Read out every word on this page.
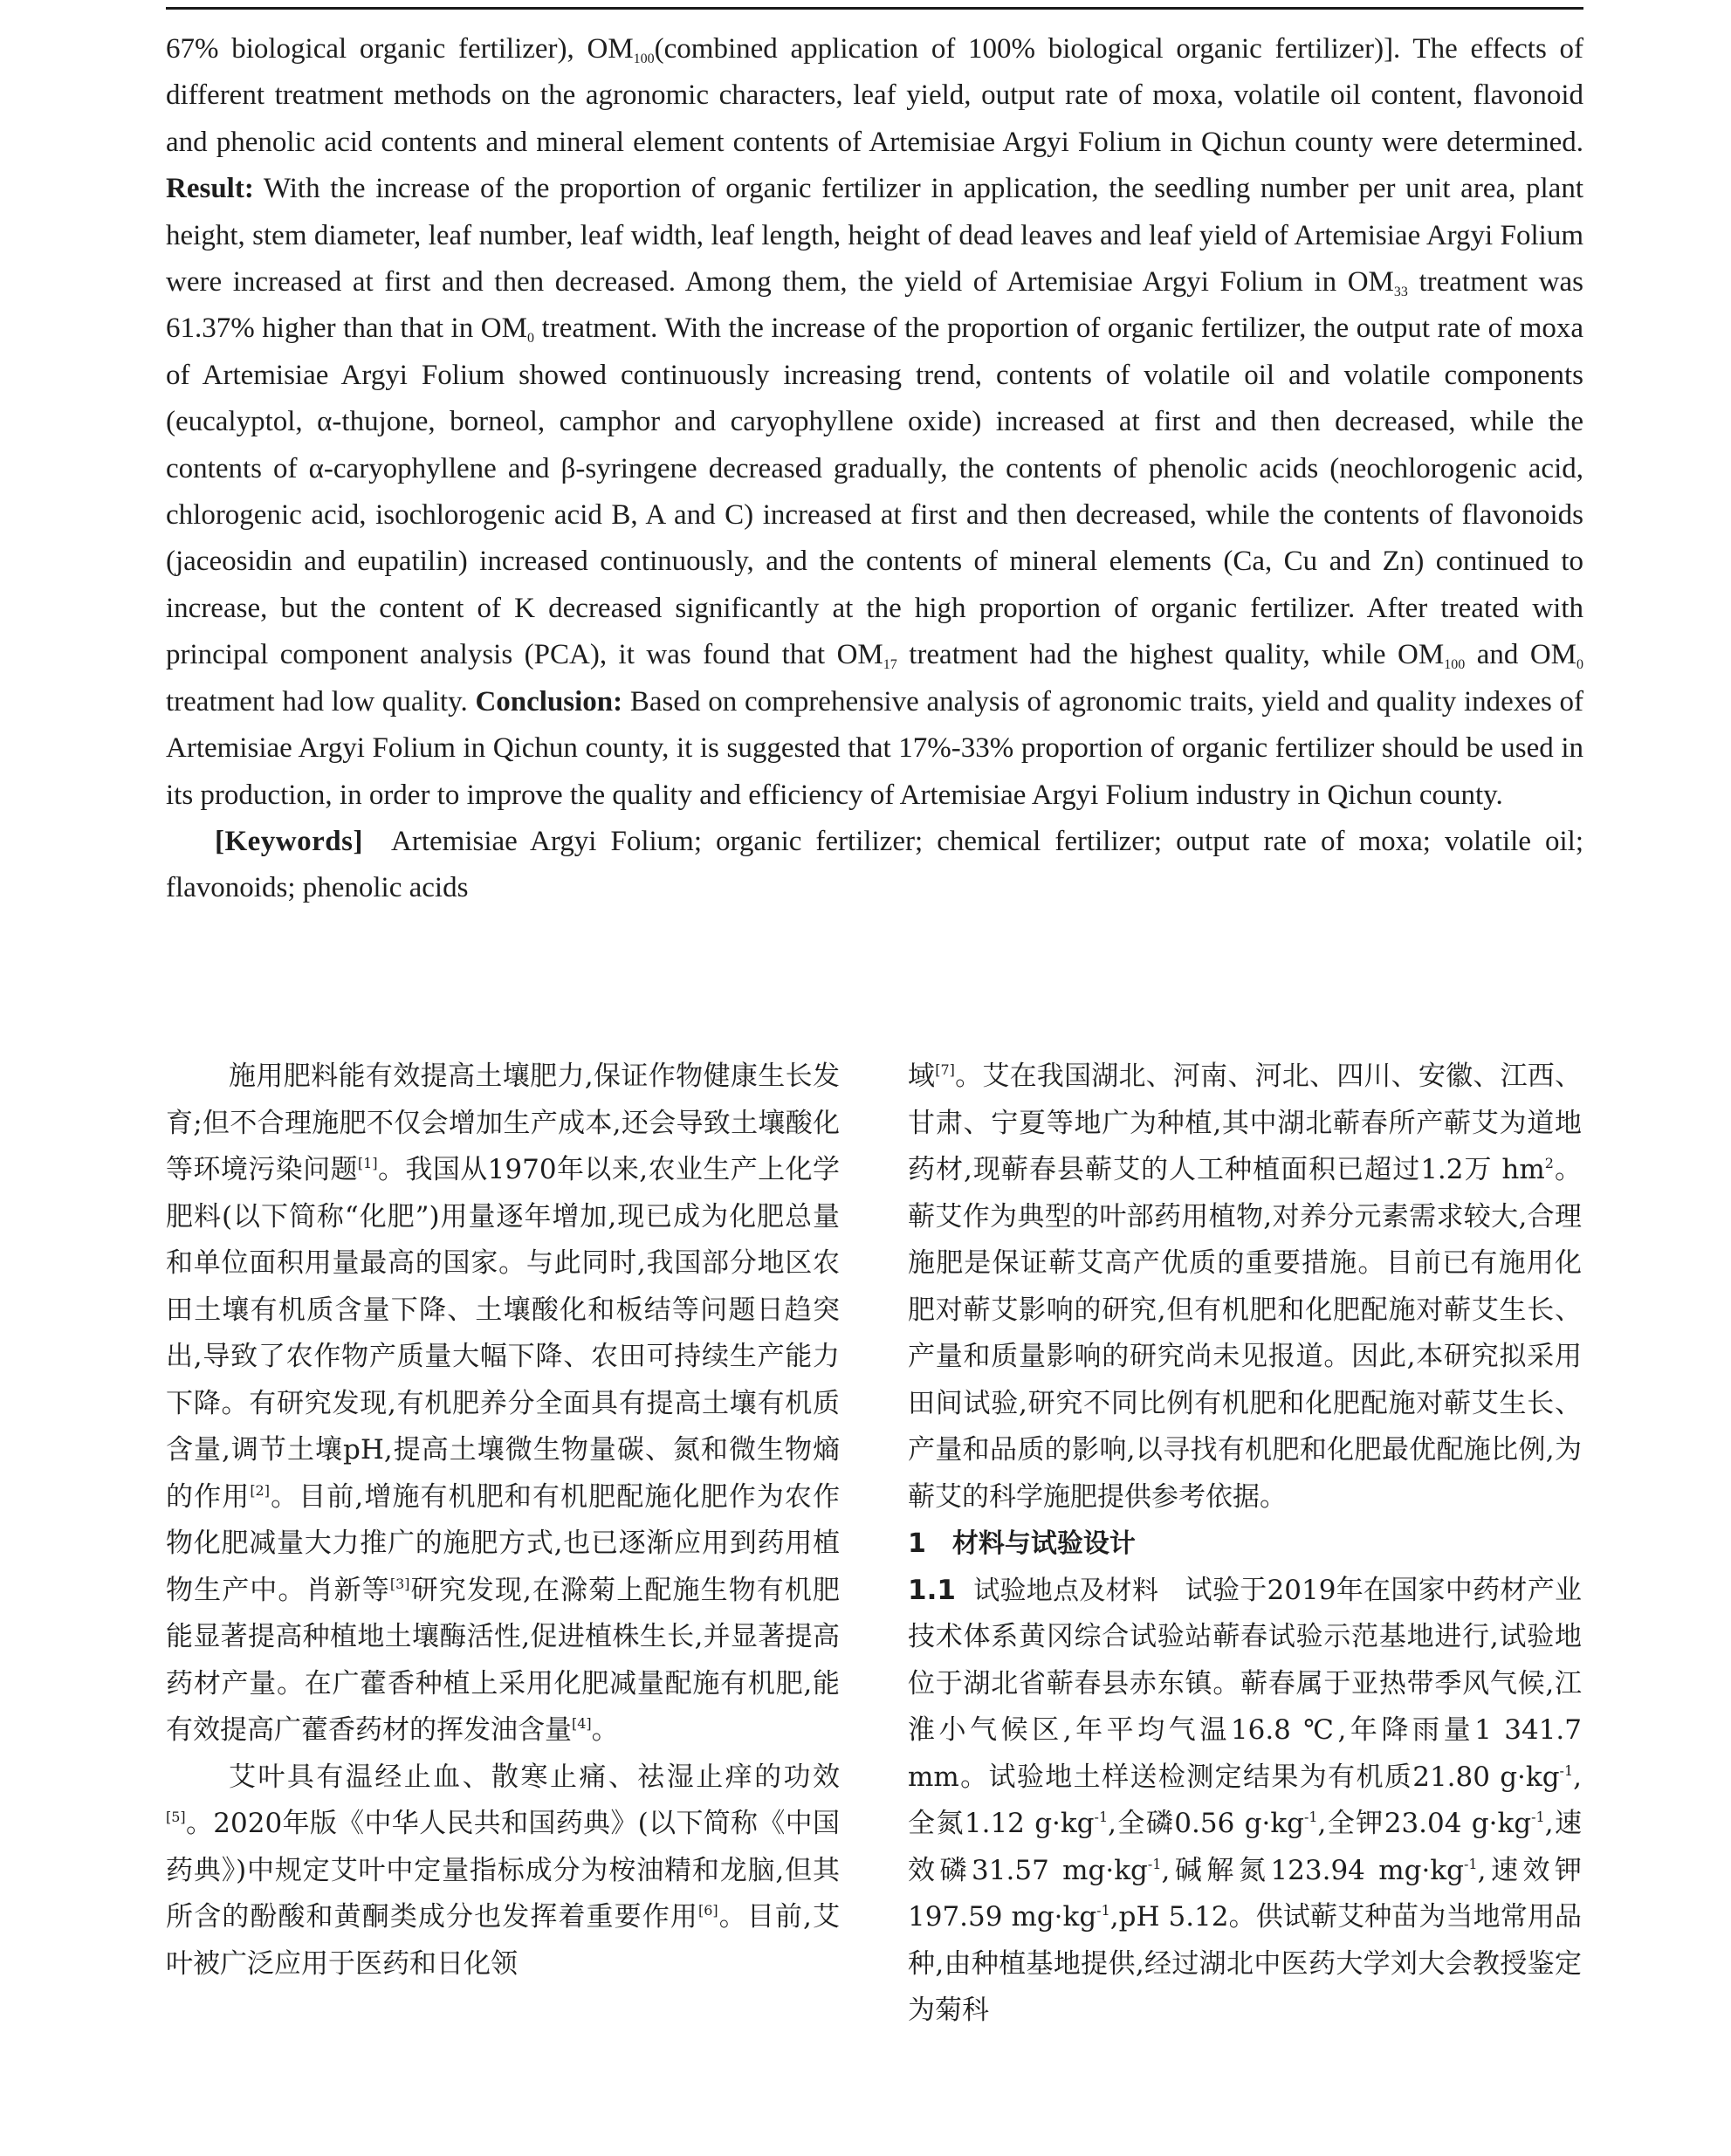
67% biological organic fertilizer), $OM_{100}(combined$ application of 100% biological organic fertilizer)]. The effects of different treatment methods on the agronomic characters, leaf yield, output rate of moxa, volatile oil content, flavonoid and phenolic acid contents and mineral element contents of Artemisiae Argyi Folium in Qichun county were determined. Result: With the increase of the proportion of organic fertilizer in application, the seedling number per unit area, plant height, stem diameter, leaf number, leaf width, leaf length, height of dead leaves and leaf yield of Artemisiae Argyi Folium were increased at first and then decreased. Among them, the yield of Artemisiae Argyi Folium in $OM_{33}$ treatment was 61.37% higher than that in $OM_0$ treatment. With the increase of the proportion of organic fertilizer, the output rate of moxa of Artemisiae Argyi Folium showed continuously increasing trend, contents of volatile oil and volatile components (eucalyptol, α-thujone, borneol, camphor and caryophyllene oxide) increased at first and then decreased, while the contents of α-caryophyllene and β-syringene decreased gradually, the contents of phenolic acids (neochlorogenic acid, chlorogenic acid, isochlorogenic acid B, A and C) increased at first and then decreased, while the contents of flavonoids (jaceosidin and eupatilin) increased continuously, and the contents of mineral elements (Ca, Cu and Zn) continued to increase, but the content of K decreased significantly at the high proportion of organic fertilizer. After treated with principal component analysis (PCA), it was found that $OM_{17}$ treatment had the highest quality, while $OM_{100}$ and $OM_0$ treatment had low quality. Conclusion: Based on comprehensive analysis of agronomic traits, yield and quality indexes of Artemisiae Argyi Folium in Qichun county, it is suggested that 17%-33% proportion of organic fertilizer should be used in its production, in order to improve the quality and efficiency of Artemisiae Argyi Folium industry in Qichun county.

[Keywords] Artemisiae Argyi Folium; organic fertilizer; chemical fertilizer; output rate of moxa; volatile oil; flavonoids; phenolic acids

施用肥料能有效提高土壤肥力,保证作物健康生长发育;但不合理施肥不仅会增加生产成本,还会导致土壤酸化等环境污染问题[1]。我国从1970年以来,农业生产上化学肥料(以下简称“化肥”)用量逐年增加,现已成为化肥总量和单位面积用量最高的国家。与此同时,我国部分地区农田土壤有机质含量下降、土壤酸化和板结等问题日趋突出,导致了农作物产质量大幅下降、农田可持续生产能力下降。有研究发现,有机肥养分全面具有提高土壤有机质含量,调节土壤pH,提高土壤微生物量碳、氮和微生物熵的作用[2]。目前,增施有机肥和有机肥配施化肥作为农作物化肥减量大力推广的施肥方式,也已逐渐应用到药用植物生产中。肖新等[3]研究发现,在滁菊上配施生物有机肥能显著提高种植地土壤酶活性,促进植株生长,并显著提高药材产量。在广藿香种植上采用化肥减量配施有机肥,能有效提高广藿香药材的挥发油含量[4]。

艾叶具有温经止血、散寒止痛、祛湿止痒的功效[5]。2020年版《中华人民共和国药典》(以下简称《中国药典》)中规定艾叶中定量指标成分为桉油精和龙脑,但其所含的酚酸和黄酮类成分也发挥着重要作用[6]。目前,艾叶被广泛应用于医药和日化领

域[7]。艾在我国湖北、河南、河北、四川、安徽、江西、甘肃、宁夏等地广为种植,其中湖北蕲春所产蕲艾为道地药材,现蕲春县蕲艾的人工种植面积已超过1.2万 $hm^2$。蕲艾作为典型的叶部药用植物,对养分元素需求较大,合理施肥是保证蕲艾高产优质的重要措施。目前已有施用化肥对蕲艾影响的研究,但有机肥和化肥配施对蕲艾生长、产量和质量影响的研究尚未见报道。因此,本研究拟采用田间试验,研究不同比例有机肥和化肥配施对蕲艾生长、产量和品质的影响,以寻找有机肥和化肥最优配施比例,为蕲艾的科学施肥提供参考依据。

1　材料与试验设计

1.1 试验地点及材料 试验于2019年在国家中药材产业技术体系黄冈综合试验站蕲春试验示范基地进行,试验地位于湖北省蕲春县赤东镇。蕲春属于亚热带季风气候,江淮小气候区,年平均气温16.8 ℃,年降雨量1 341.7 mm。试验地土样送检测定结果为有机质21.80 $g\cdot kg^{-1}$,全氮1.12 $g\cdot kg^{-1}$,全磷0.56 $g\cdot kg^{-1}$,全钾23.04 $g\cdot kg^{-1}$,速效磷31.57 $mg\cdot kg^{-1}$,碱解氮123.94 $mg\cdot kg^{-1}$,速效钾197.59 $mg\cdot kg^{-1},pH$ 5.12。供试蕲艾种苗为当地常用品种,由种植基地提供,经过湖北中医药大学刘大会教授鉴定为菊科
